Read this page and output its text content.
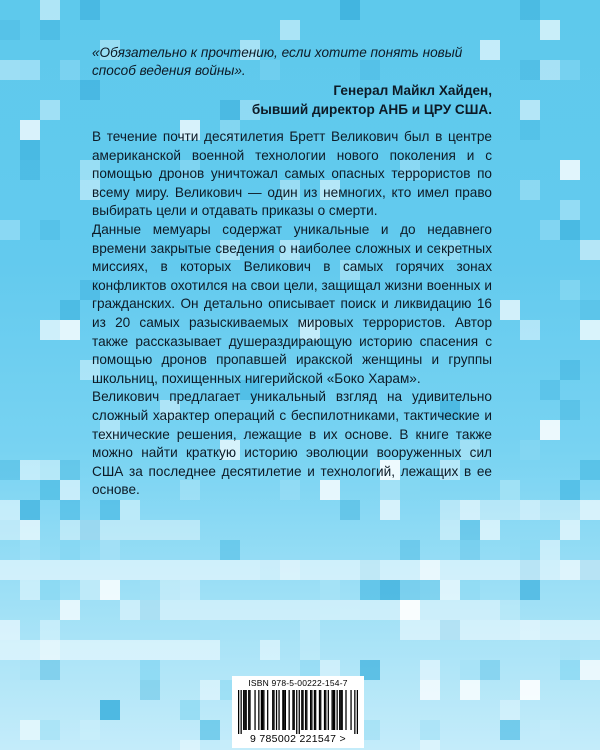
«Обязательно к прочтению, если хотите понять новый способ ведения войны».

Генерал Майкл Хайден,
бывший директор АНБ и ЦРУ США.

В течение почти десятилетия Бретт Великович был в центре американской военной технологии нового поколения и с помощью дронов уничтожал самых опасных террористов по всему миру. Великович — один из немногих, кто имел право выбирать цели и отдавать приказы о смерти.

Данные мемуары содержат уникальные и до недавнего времени закрытые сведения о наиболее сложных и секретных миссиях, в которых Великович в самых горячих зонах конфликтов охотился на свои цели, защищал жизни военных и гражданских. Он детально описывает поиск и ликвидацию 16 из 20 самых разыскиваемых мировых террористов. Автор также рассказывает душераздирающую историю спасения с помощью дронов пропавшей иракской женщины и группы школьниц, похищенных нигерийской «Боко Харам».

Великович предлагает уникальный взгляд на удивительно сложный характер операций с беспилотниками, тактические и технические решения, лежащие в их основе. В книге также можно найти краткую историю эволюции вооруженных сил США за последнее десятилетие и технологий, лежащих в ее основе.

ISBN 978-5-00222-154-7
9 785002 221547 >
